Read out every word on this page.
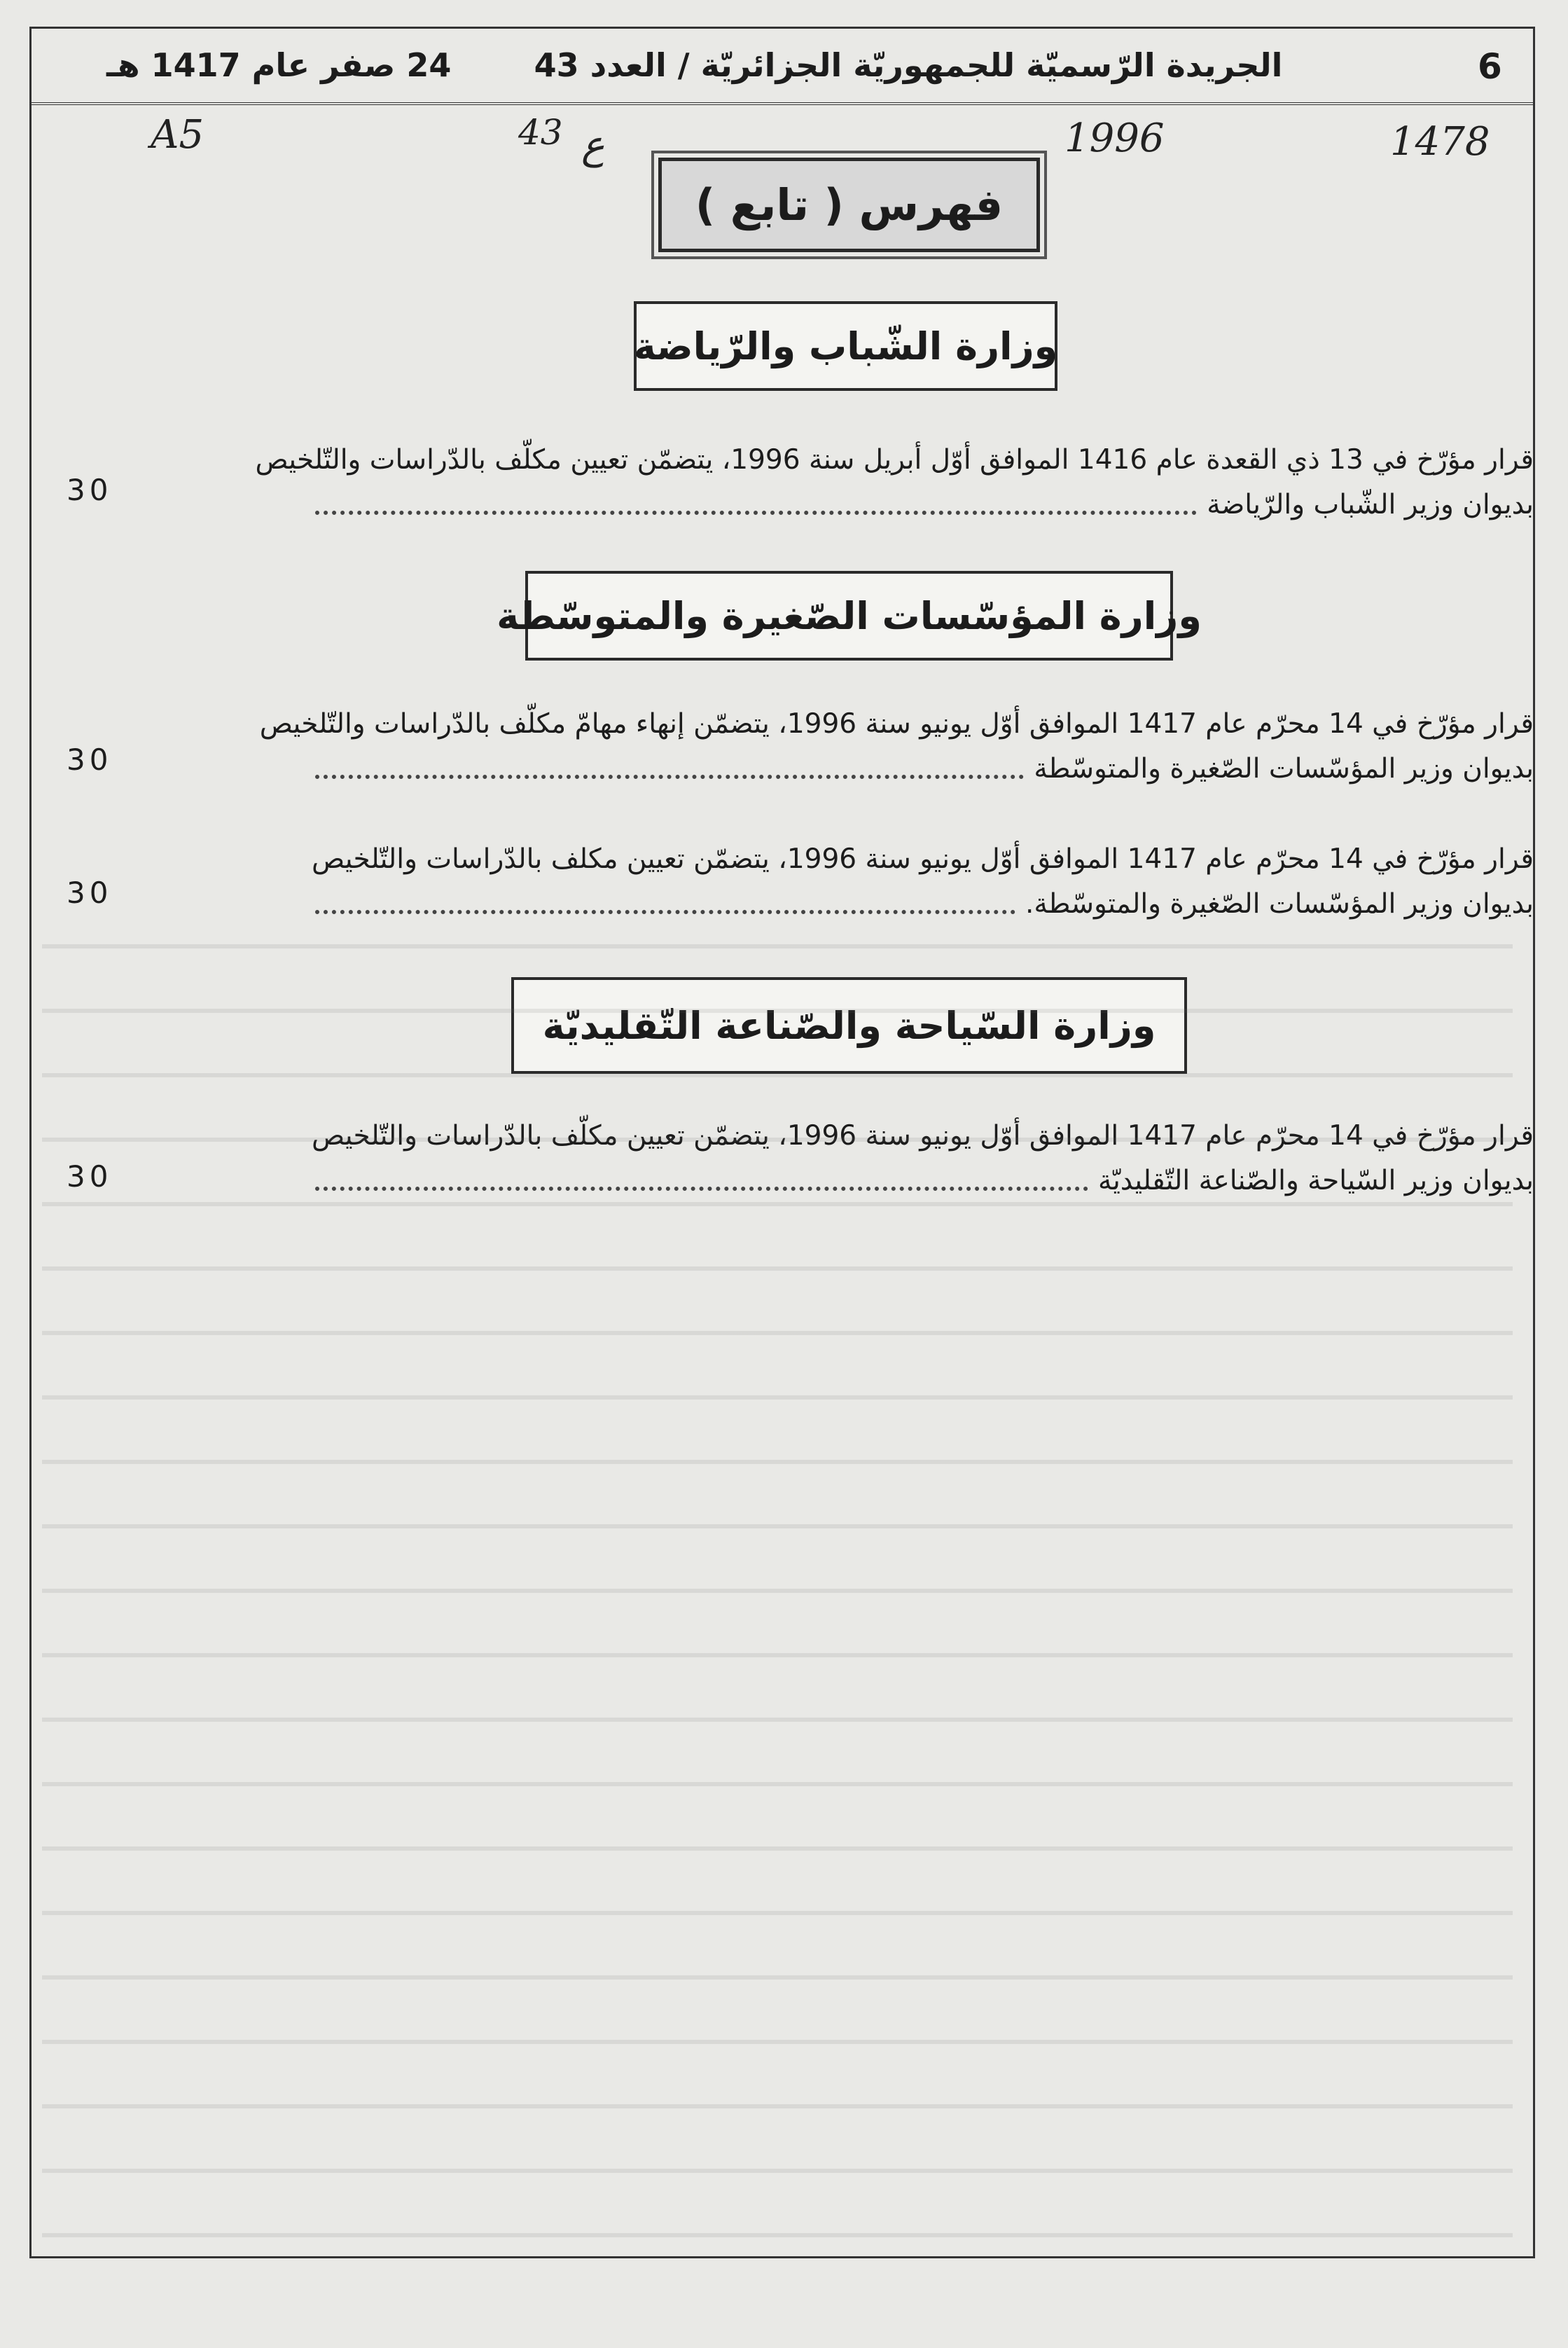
6
الجريدة الرّسميّة للجمهوريّة الجزائريّة / العدد 43
24 صفر عام 1417 هـ
A5	43 ع	1996	1478
فهرس ( تابع )
وزارة الشّباب والرّياضة
قرار مؤرّخ في 13 ذي القعدة عام 1416 الموافق أوّل أبريل سنة 1996، يتضمّن تعيين مكلّف بالدّراسات والتّلخيص
بديوان وزير الشّباب والرّياضة
30
وزارة المؤسّسات الصّغيرة والمتوسّطة
قرار مؤرّخ في 14 محرّم عام 1417 الموافق أوّل يونيو سنة 1996، يتضمّن إنهاء مهامّ مكلّف بالدّراسات والتّلخيص
بديوان وزير المؤسّسات الصّغيرة والمتوسّطة
30
قرار مؤرّخ في 14 محرّم عام 1417 الموافق أوّل يونيو سنة 1996، يتضمّن تعيين مكلف بالدّراسات والتّلخيص
بديوان وزير المؤسّسات الصّغيرة والمتوسّطة.
30
وزارة السّياحة والصّناعة التّقليديّة
قرار مؤرّخ في 14 محرّم عام 1417 الموافق أوّل يونيو سنة 1996، يتضمّن تعيين مكلّف بالدّراسات والتّلخيص
بديوان وزير السّياحة والصّناعة التّقليديّة
30
